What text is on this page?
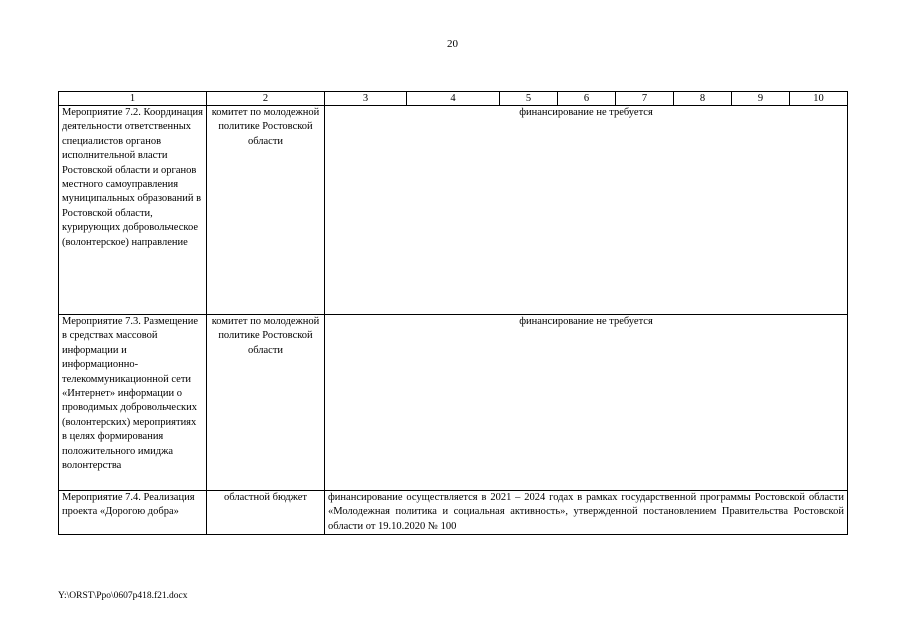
20
1	2	3	4	5	6	7	8	9	10
Мероприятие 7.2. Координация деятельности ответственных специалистов органов исполнительной власти Ростовской области и органов местного самоуправления муниципальных образований в Ростовской области, курирующих добровольческое (волонтерское) направление	комитет по молодежной политике Ростовской области	финансирование не требуется							
Мероприятие 7.3. Размещение в средствах массовой информации и информационно-телекоммуникационной сети «Интернет» информации о проводимых добровольческих (волонтерских) мероприятиях в целях формирования положительного имиджа волонтерства	комитет по молодежной политике Ростовской области	финансирование не требуется							
Мероприятие 7.4. Реализация проекта «Дорогою добра»	областной бюджет	финансирование осуществляется в 2021 – 2024 годах в рамках государственной программы Ростовской области «Молодежная политика и социальная активность», утвержденной постановлением Правительства Ростовской области от 19.10.2020 № 100							
Y:\ORST\Ppo\0607p418.f21.docx
